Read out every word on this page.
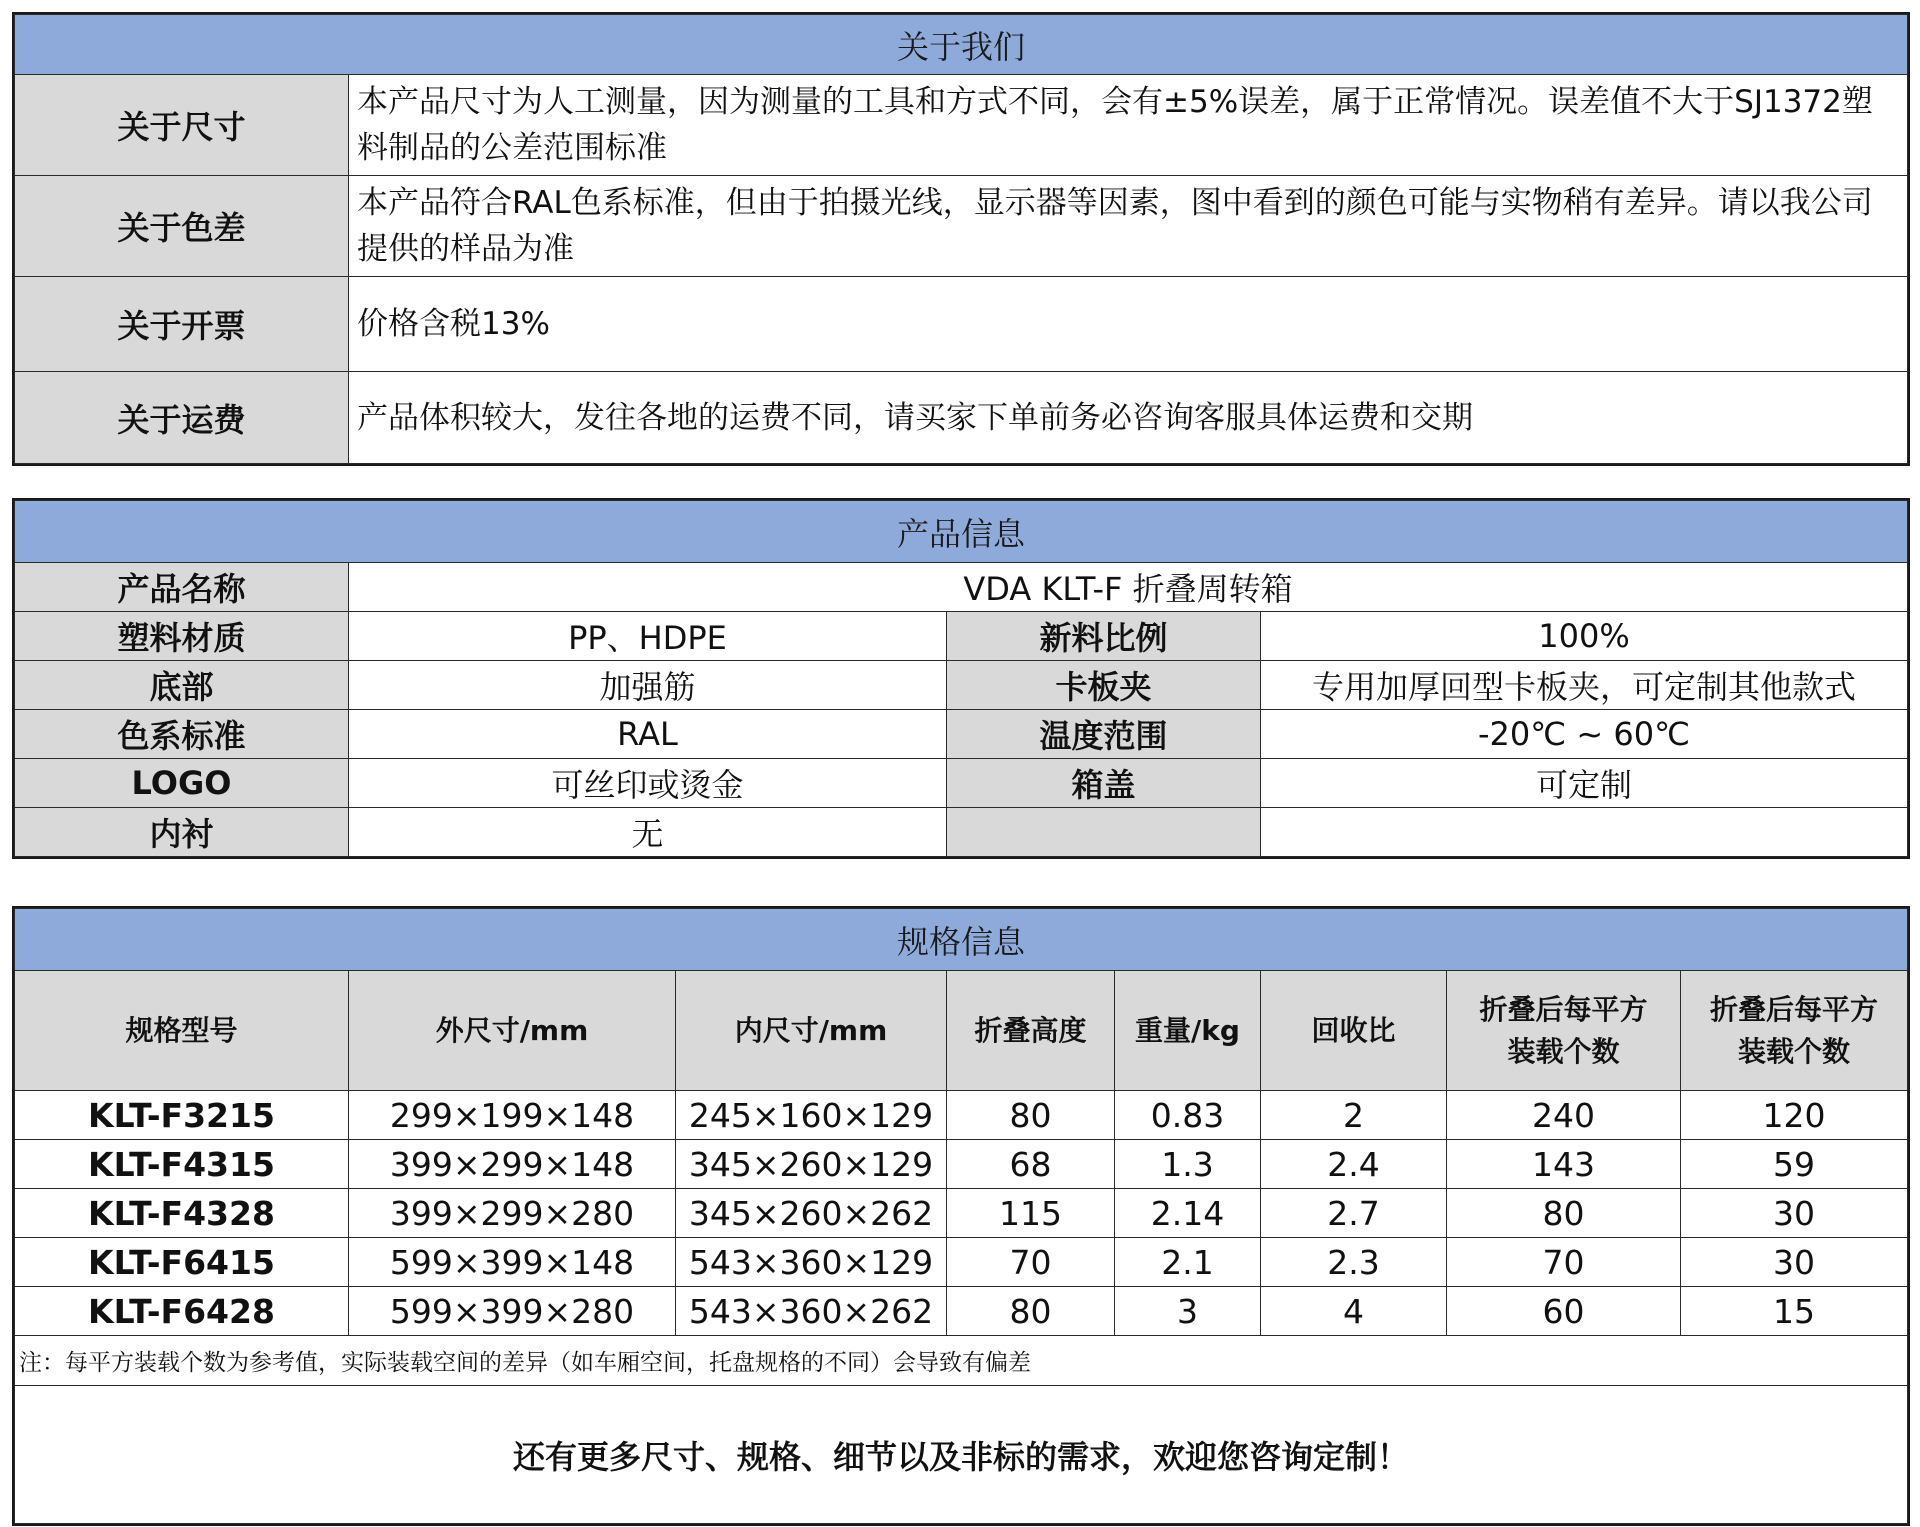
关于我们	
关于尺寸	本产品尺寸为人工测量，因为测量的工具和方式不同，会有±5%误差，属于正常情况。误差值不大于SJ1372塑料制品的公差范围标准
关于色差	本产品符合RAL色系标准，但由于拍摄光线，显示器等因素，图中看到的颜色可能与实物稍有差异。请以我公司提供的样品为准
关于开票	价格含税13%
关于运费	产品体积较大，发往各地的运费不同，请买家下单前务必咨询客服具体运费和交期
产品信息			
产品名称	VDA KLT-F 折叠周转箱		
塑料材质	PP、HDPE	新料比例	100%
底部	加强筋	卡板夹	专用加厚回型卡板夹，可定制其他款式
色系标准	RAL	温度范围	-20℃ ~ 60℃
LOGO	可丝印或烫金	箱盖	可定制
内衬	无		
规格信息							
规格型号	外尺寸/mm	内尺寸/mm	折叠高度	重量/kg	回收比	折叠后每平方装载个数	折叠后每平方装载个数
KLT-F3215	299×199×148	245×160×129	80	0.83	2	240	120
KLT-F4315	399×299×148	345×260×129	68	1.3	2.4	143	59
KLT-F4328	399×299×280	345×260×262	115	2.14	2.7	80	30
KLT-F6415	599×399×148	543×360×129	70	2.1	2.3	70	30
KLT-F6428	599×399×280	543×360×262	80	3	4	60	15
注：每平方装载个数为参考值，实际装载空间的差异（如车厢空间，托盘规格的不同）会导致有偏差							
还有更多尺寸、规格、细节以及非标的需求，欢迎您咨询定制！							
